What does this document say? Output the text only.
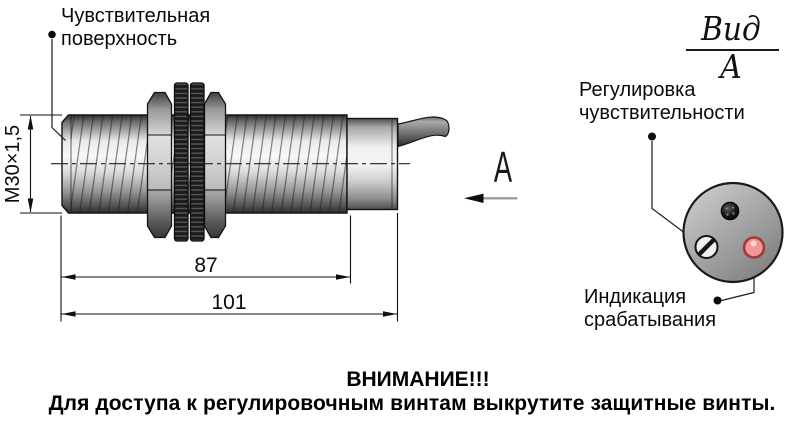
Чувствительная
поверхность
М30×1,5
87
101
А
Вид А
Регулировка
чувствительности
Индикация
срабатывания
ВНИМАНИЕ!!!
Для доступа к регулировочным винтам выкрутите защитные винты.
